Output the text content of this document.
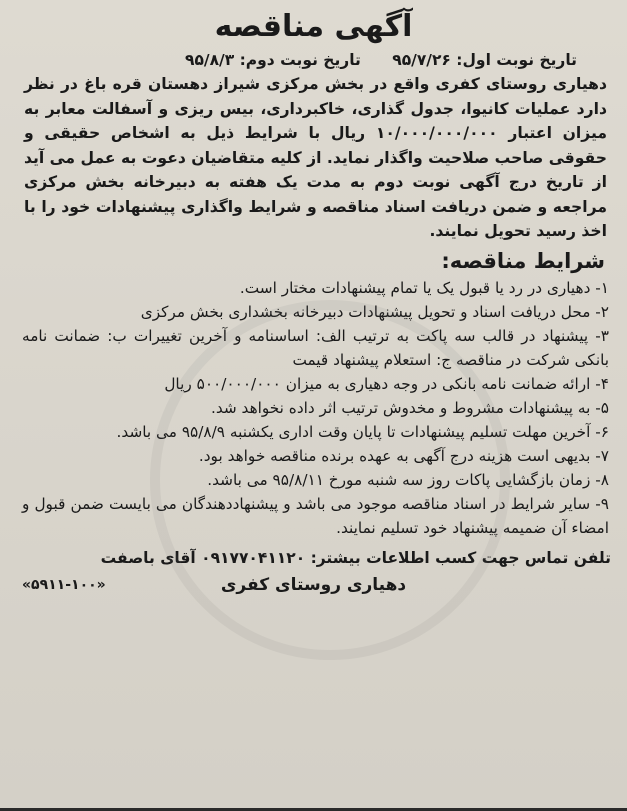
آگهی مناقصه
تاریخ نوبت اول: ۹۵/۷/۲۶ تاریخ نوبت دوم: ۹۵/۸/۳

دهیاری روستای کفری واقع در بخش مرکزی شیراز دهستان قره باغ در نظر دارد عملیات کانیوا، جدول گذاری، خاکبرداری، بیس ریزی و آسفالت معابر به میزان اعتبار ۱۰/۰۰۰/۰۰۰/۰۰۰ ریال با شرایط ذیل به اشخاص حقیقی و حقوقی صاحب صلاحیت واگذار نماید. از کلیه متقاضیان دعوت به عمل می آید از تاریخ درج آگهی نوبت دوم به مدت یک هفته به دبیرخانه بخش مرکزی مراجعه و ضمن دریافت اسناد مناقصه و شرایط واگذاری پیشنهادات خود را با اخذ رسید تحویل نمایند.

شرایط مناقصه:
۱- دهیاری در رد یا قبول یک یا تمام پیشنهادات مختار است.
۲- محل دریافت اسناد و تحویل پیشنهادات دبیرخانه بخشداری بخش مرکزی
۳- پیشنهاد در قالب سه پاکت به ترتیب الف: اساسنامه و آخرین تغییرات ب: ضمانت نامه بانکی شرکت در مناقصه ج: استعلام پیشنهاد قیمت
۴- ارائه ضمانت نامه بانکی در وجه دهیاری به میزان ۵۰۰/۰۰۰/۰۰۰ ریال
۵- به پیشنهادات مشروط و مخدوش ترتیب اثر داده نخواهد شد.
۶- آخرین مهلت تسلیم پیشنهادات تا پایان وقت اداری یکشنبه ۹۵/۸/۹ می باشد.
۷- بدیهی است هزینه درج آگهی به عهده برنده مناقصه خواهد بود.
۸- زمان بازگشایی پاکات روز سه شنبه مورخ ۹۵/۸/۱۱ می باشد.
۹- سایر شرایط در اسناد مناقصه موجود می باشد و پیشنهاددهندگان می بایست ضمن قبول و امضاء آن ضمیمه پیشنهاد خود تسلیم نمایند.
تلفن تماس جهت کسب اطلاعات بیشتر: ۰۹۱۷۷۰۴۱۱۲۰ آقای باصفت
دهیاری روستای کفری
«۵۹۱۱-۱۰۰»
